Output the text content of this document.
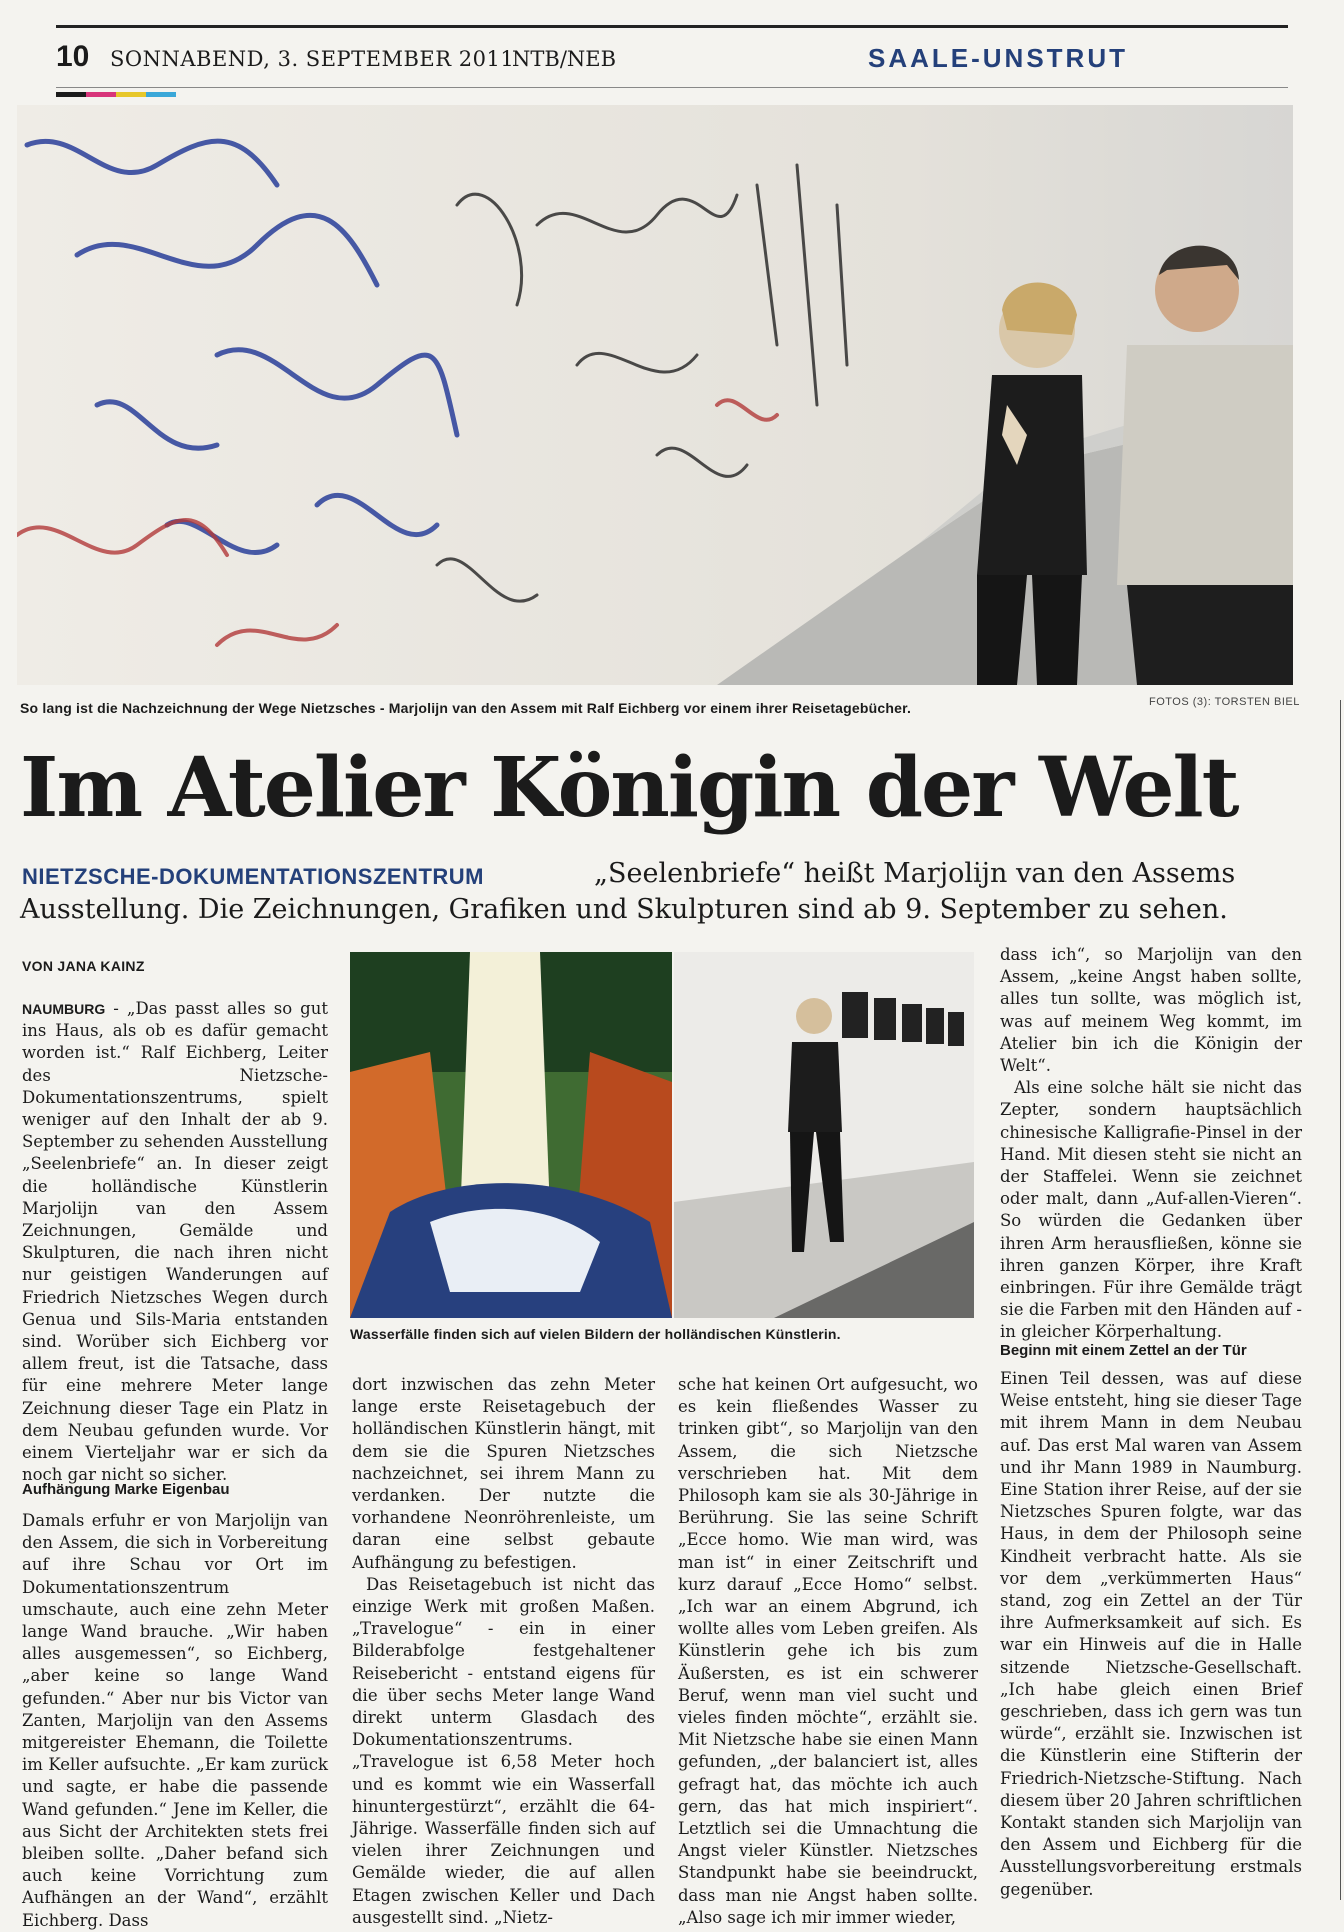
10 SONNABEND, 3. SEPTEMBER 2011
NTB/NEB	SAALE-UNSTRUT
So lang ist die Nachzeichnung der Wege Nietzsches - Marjolijn van den Assem mit Ralf Eichberg vor einem ihrer Reisetagebücher.	FOTOS (3): TORSTEN BIEL
Im Atelier Königin der Welt
NIETZSCHE-DOKUMENTATIONSZENTRUM	„Seelenbriefe“ heißt Marjolijn van den Assems
Ausstellung. Die Zeichnungen, Grafiken und Skulpturen sind ab 9. September zu sehen.
VON JANA KAINZ

NAUMBURG - „Das passt alles so gut ins Haus, als ob es dafür gemacht worden ist.“ Ralf Eichberg, Leiter des Nietzsche-Dokumentationszentrums, spielt weniger auf den Inhalt der ab 9. September zu sehenden Ausstellung „Seelenbriefe“ an. In dieser zeigt die holländische Künstlerin Marjolijn van den Assem Zeichnungen, Gemälde und Skulpturen, die nach ihren nicht nur geistigen Wanderungen auf Friedrich Nietzsches Wegen durch Genua und Sils-Maria entstanden sind. Worüber sich Eichberg vor allem freut, ist die Tatsache, dass für eine mehrere Meter lange Zeichnung dieser Tage ein Platz in dem Neubau gefunden wurde. Vor einem Vierteljahr war er sich da noch gar nicht so sicher.

Aufhängung Marke Eigenbau

Damals erfuhr er von Marjolijn van den Assem, die sich in Vorbereitung auf ihre Schau vor Ort im Dokumentationszentrum umschaute, auch eine zehn Meter lange Wand brauche. „Wir haben alles ausgemessen“, so Eichberg, „aber keine so lange Wand gefunden.“ Aber nur bis Victor van Zanten, Marjolijn van den Assems mitgereister Ehemann, die Toilette im Keller aufsuchte. „Er kam zurück und sagte, er habe die passende Wand gefunden.“ Jene im Keller, die aus Sicht der Architekten stets frei bleiben sollte. „Daher befand sich auch keine Vorrichtung zum Aufhängen an der Wand“, erzählt Eichberg. Dass

Wasserfälle finden sich auf vielen Bildern der holländischen Künstlerin.

dort inzwischen das zehn Meter lange erste Reisetagebuch der holländischen Künstlerin hängt, mit dem sie die Spuren Nietzsches nachzeichnet, sei ihrem Mann zu verdanken. Der nutzte die vorhandene Neonröhrenleiste, um daran eine selbst gebaute Aufhängung zu befestigen.

Das Reisetagebuch ist nicht das einzige Werk mit großen Maßen. „Travelogue“ - ein in einer Bilderabfolge festgehaltener Reisebericht - entstand eigens für die über sechs Meter lange Wand direkt unterm Glasdach des Dokumentationszentrums. „Travelogue ist 6,58 Meter hoch und es kommt wie ein Wasserfall hinuntergestürzt“, erzählt die 64-Jährige. Wasserfälle finden sich auf vielen ihrer Zeichnungen und Gemälde wieder, die auf allen Etagen zwischen Keller und Dach ausgestellt sind. „Nietz-

sche hat keinen Ort aufgesucht, wo es kein fließendes Wasser zu trinken gibt“, so Marjolijn van den Assem, die sich Nietzsche verschrieben hat. Mit dem Philosoph kam sie als 30-Jährige in Berührung. Sie las seine Schrift „Ecce homo. Wie man wird, was man ist“ in einer Zeitschrift und kurz darauf „Ecce Homo“ selbst. „Ich war an einem Abgrund, ich wollte alles vom Leben greifen. Als Künstlerin gehe ich bis zum Äußersten, es ist ein schwerer Beruf, wenn man viel sucht und vieles finden möchte“, erzählt sie. Mit Nietzsche habe sie einen Mann gefunden, „der balanciert ist, alles gefragt hat, das möchte ich auch gern, das hat mich inspiriert“. Letztlich sei die Umnachtung die Angst vieler Künstler. Nietzsches Standpunkt habe sie beeindruckt, dass man nie Angst haben sollte. „Also sage ich mir immer wieder,

dass ich“, so Marjolijn van den Assem, „keine Angst haben sollte, alles tun sollte, was möglich ist, was auf meinem Weg kommt, im Atelier bin ich die Königin der Welt“.

Als eine solche hält sie nicht das Zepter, sondern hauptsächlich chinesische Kalligrafie-Pinsel in der Hand. Mit diesen steht sie nicht an der Staffelei. Wenn sie zeichnet oder malt, dann „Auf-allen-Vieren“. So würden die Gedanken über ihren Arm herausfließen, könne sie ihren ganzen Körper, ihre Kraft einbringen. Für ihre Gemälde trägt sie die Farben mit den Händen auf - in gleicher Körperhaltung.

Beginn mit einem Zettel an der Tür

Einen Teil dessen, was auf diese Weise entsteht, hing sie dieser Tage mit ihrem Mann in dem Neubau auf. Das erst Mal waren van Assem und ihr Mann 1989 in Naumburg. Eine Station ihrer Reise, auf der sie Nietzsches Spuren folgte, war das Haus, in dem der Philosoph seine Kindheit verbracht hatte. Als sie vor dem „verkümmerten Haus“ stand, zog ein Zettel an der Tür ihre Aufmerksamkeit auf sich. Es war ein Hinweis auf die in Halle sitzende Nietzsche-Gesellschaft. „Ich habe gleich einen Brief geschrieben, dass ich gern was tun würde“, erzählt sie. Inzwischen ist die Künstlerin eine Stifterin der Friedrich-Nietzsche-Stiftung. Nach diesem über 20 Jahren schriftlichen Kontakt standen sich Marjolijn van den Assem und Eichberg für die Ausstellungsvorbereitung erstmals gegenüber.
